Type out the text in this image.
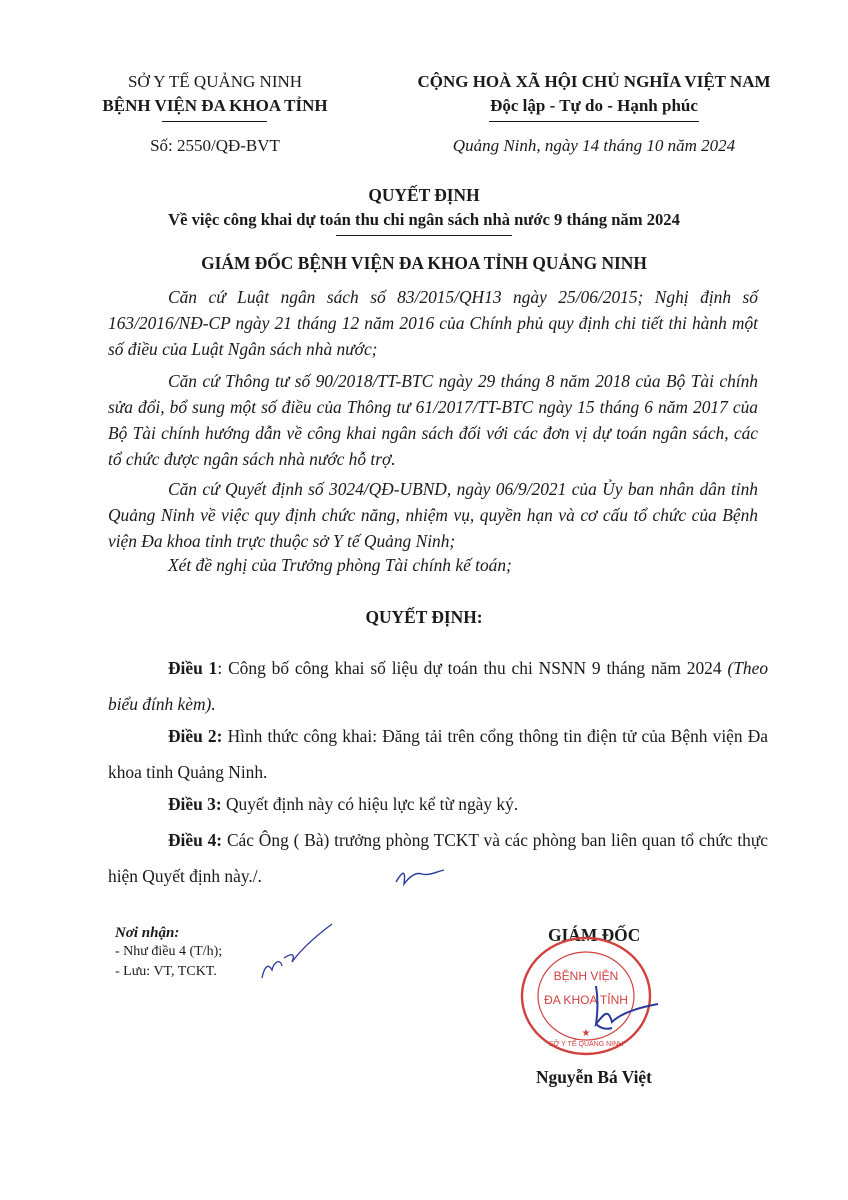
SỞ Y TẾ QUẢNG NINH
BỆNH VIỆN ĐA KHOA TỈNH
Số: 2550/QĐ-BVT
CỘNG HOÀ XÃ HỘI CHỦ NGHĨA VIỆT NAM
Độc lập - Tự do - Hạnh phúc
Quảng Ninh, ngày 14 tháng 10 năm 2024
QUYẾT ĐỊNH
Về việc công khai dự toán thu chi ngân sách nhà nước 9 tháng năm 2024
GIÁM ĐỐC BỆNH VIỆN ĐA KHOA TỈNH QUẢNG NINH
Căn cứ Luật ngân sách số 83/2015/QH13 ngày 25/06/2015; Nghị định số 163/2016/NĐ-CP ngày 21 tháng 12 năm 2016 của Chính phủ quy định chi tiết thi hành một số điều của Luật Ngân sách nhà nước;
Căn cứ Thông tư số 90/2018/TT-BTC ngày 29 tháng 8 năm 2018 của Bộ Tài chính sửa đổi, bổ sung một số điều của Thông tư 61/2017/TT-BTC ngày 15 tháng 6 năm 2017 của Bộ Tài chính hướng dẫn về công khai ngân sách đối với các đơn vị dự toán ngân sách, các tổ chức được ngân sách nhà nước hỗ trợ.
Căn cứ Quyết định số 3024/QĐ-UBND, ngày 06/9/2021 của Ủy ban nhân dân tỉnh Quảng Ninh về việc quy định chức năng, nhiệm vụ, quyền hạn và cơ cấu tổ chức của Bệnh viện Đa khoa tỉnh trực thuộc sở Y tế Quảng Ninh;
Xét đề nghị của Trưởng phòng Tài chính kế toán;
QUYẾT ĐỊNH:
Điều 1: Công bố công khai số liệu dự toán thu chi NSNN 9 tháng năm 2024 (Theo biểu đính kèm).
Điều 2: Hình thức công khai: Đăng tải trên cổng thông tin điện tử của Bệnh viện Đa khoa tỉnh Quảng Ninh.
Điều 3: Quyết định này có hiệu lực kể từ ngày ký.
Điều 4: Các Ông ( Bà) trưởng phòng TCKT và các phòng ban liên quan tổ chức thực hiện Quyết định này./.
Nơi nhận:
- Như điều 4 (T/h);
- Lưu: VT, TCKT.
GIÁM ĐỐC
BỆNH VIỆN
ĐA KHOA TỈNH
SỞ Y TẾ QUẢNG NINH
★
Nguyễn Bá Việt
